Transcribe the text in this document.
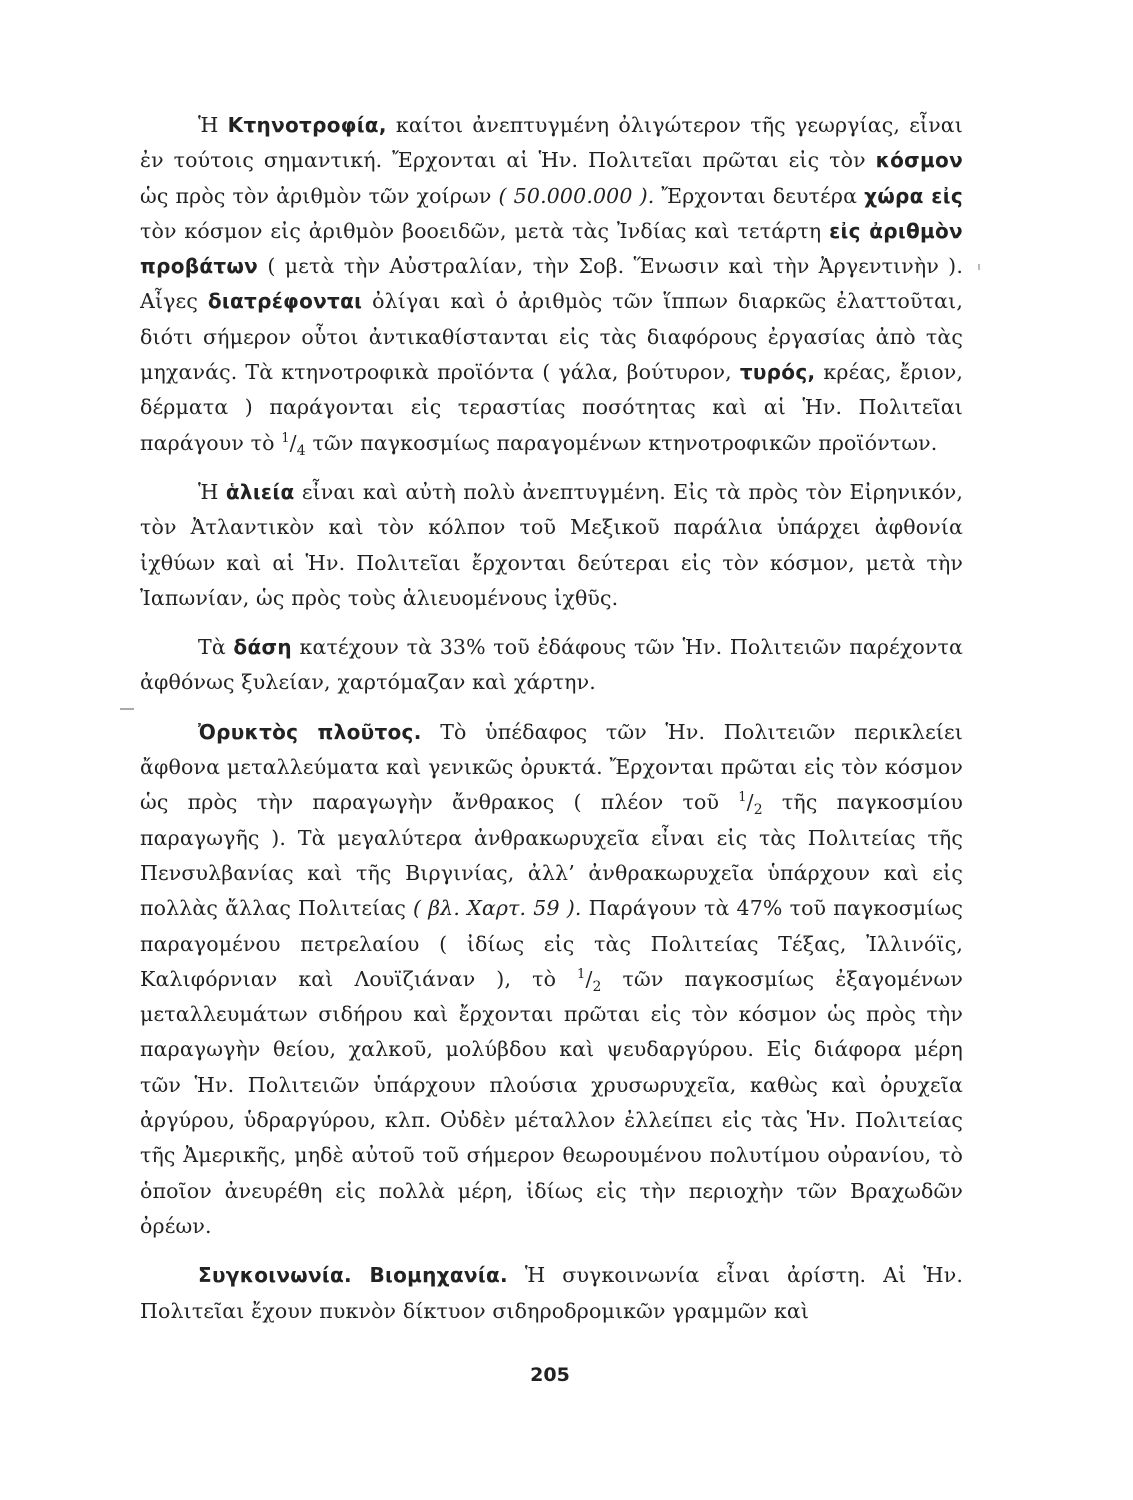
Ἡ Κτηνοτροφία, καίτοι ἀνεπτυγμένη ὀλιγώτερον τῆς γεωργίας, εἶναι ἐν τούτοις σημαντική. Ἔρχονται αἱ Ἡν. Πολιτεῖαι πρῶται εἰς τὸν κόσμον ὡς πρὸς τὸν ἀριθμὸν τῶν χοίρων ( 50.000.000 ). Ἔρχονται δευτέρα χώρα εἰς τὸν κόσμον εἰς ἀριθμὸν βοοειδῶν, μετὰ τὰς Ἰνδίας καὶ τετάρτη εἰς ἀριθμὸν προβάτων ( μετὰ τὴν Αὐστραλίαν, τὴν Σοβ. Ἕνωσιν καὶ τὴν Ἀργεντινὴν ). Αἶγες διατρέφονται ὀλίγαι καὶ ὁ ἀριθμὸς τῶν ἵππων διαρκῶς ἐλαττοῦται, διότι σήμερον οὗτοι ἀντικαθίστανται εἰς τὰς διαφόρους ἐργασίας ἀπὸ τὰς μηχανάς. Τὰ κτηνοτροφικὰ προϊόντα ( γάλα, βούτυρον, τυρός, κρέας, ἔριον, δέρματα ) παράγονται εἰς τεραστίας ποσότητας καὶ αἱ Ἡν. Πολιτεῖαι παράγουν τὸ $^1/_4$ τῶν παγκοσμίως παραγομένων κτηνοτροφικῶν προϊόντων.

Ἡ ἁλιεία εἶναι καὶ αὐτὴ πολὺ ἀνεπτυγμένη. Εἰς τὰ πρὸς τὸν Εἰρηνικόν, τὸν Ἀτλαντικὸν καὶ τὸν κόλπον τοῦ Μεξικοῦ παράλια ὑπάρχει ἀφθονία ἰχθύων καὶ αἱ Ἡν. Πολιτεῖαι ἔρχονται δεύτεραι εἰς τὸν κόσμον, μετὰ τὴν Ἰαπωνίαν, ὡς πρὸς τοὺς ἁλιευομένους ἰχθῦς.

Τὰ δάση κατέχουν τὰ 33% τοῦ ἐδάφους τῶν Ἡν. Πολιτειῶν παρέχοντα ἀφθόνως ξυλείαν, χαρτόμαζαν καὶ χάρτην.

Ὀρυκτὸς πλοῦτος. Τὸ ὑπέδαφος τῶν Ἡν. Πολιτειῶν περικλείει ἄφθονα μεταλλεύματα καὶ γενικῶς ὀρυκτά. Ἔρχονται πρῶται εἰς τὸν κόσμον ὡς πρὸς τὴν παραγωγὴν ἄνθρακος ( πλέον τοῦ $^1/_2$ τῆς παγκοσμίου παραγωγῆς ). Τὰ μεγαλύτερα ἀνθρακωρυχεῖα εἶναι εἰς τὰς Πολιτείας τῆς Πενσυλβανίας καὶ τῆς Βιργινίας, ἀλλ’ ἀνθρακωρυχεῖα ὑπάρχουν καὶ εἰς πολλὰς ἄλλας Πολιτείας ( βλ. Χαρτ. 59 ). Παράγουν τὰ 47% τοῦ παγκοσμίως παραγομένου πετρελαίου ( ἰδίως εἰς τὰς Πολιτείας Τέξας, Ἰλλινόϊς, Καλιφόρνιαν καὶ Λουϊζιάναν ), τὸ $^1/_2$ τῶν παγκοσμίως ἐξαγομένων μεταλλευμάτων σιδήρου καὶ ἔρχονται πρῶται εἰς τὸν κόσμον ὡς πρὸς τὴν παραγωγὴν θείου, χαλκοῦ, μολύβδου καὶ ψευδαργύρου. Εἰς διάφορα μέρη τῶν Ἡν. Πολιτειῶν ὑπάρχουν πλούσια χρυσωρυχεῖα, καθὼς καὶ ὀρυχεῖα ἀργύρου, ὑδραργύρου, κλπ. Οὐδὲν μέταλλον ἐλλείπει εἰς τὰς Ἡν. Πολιτείας τῆς Ἀμερικῆς, μηδὲ αὐτοῦ τοῦ σήμερον θεωρουμένου πολυτίμου οὐρανίου, τὸ ὁποῖον ἀνευρέθη εἰς πολλὰ μέρη, ἰδίως εἰς τὴν περιοχὴν τῶν Βραχωδῶν ὀρέων.

Συγκοινωνία. Βιομηχανία. Ἡ συγκοινωνία εἶναι ἀρίστη. Αἱ Ἡν. Πολιτεῖαι ἔχουν πυκνὸν δίκτυον σιδηροδρομικῶν γραμμῶν καὶ

205
